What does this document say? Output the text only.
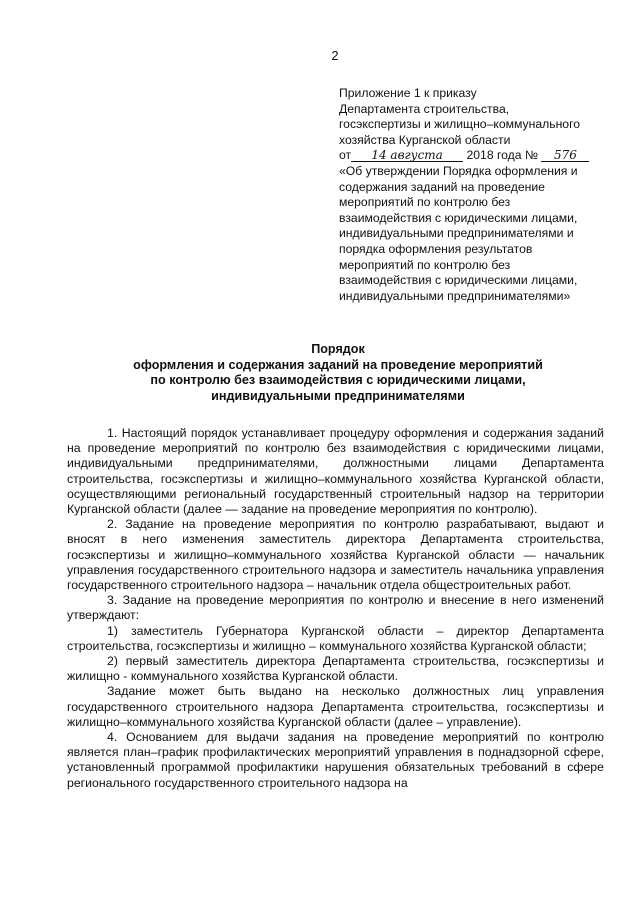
2
Приложение 1 к приказу
Департамента строительства,
госэкспертизы и жилищно–коммунального
хозяйства Курганской области
от 14 августа 2018 года № 576
«Об утверждении Порядка оформления и
содержания заданий на проведение
мероприятий по контролю без
взаимодействия с юридическими лицами,
индивидуальными предпринимателями и
порядка оформления результатов
мероприятий по контролю без
взаимодействия с юридическими лицами,
индивидуальными предпринимателями»
Порядок
оформления и содержания заданий на проведение мероприятий
по контролю без взаимодействия с юридическими лицами,
индивидуальными предпринимателями

1. Настоящий порядок устанавливает процедуру оформления и содержания заданий на проведение мероприятий по контролю без взаимодействия с юридическими лицами, индивидуальными предпринимателями, должностными лицами Департамента строительства, госэкспертизы и жилищно–коммунального хозяйства Курганской области, осуществляющими региональный государственный строительный надзор на территории Курганской области (далее — задание на проведение мероприятия по контролю).

2. Задание на проведение мероприятия по контролю разрабатывают, выдают и вносят в него изменения заместитель директора Департамента строительства, госэкспертизы и жилищно–коммунального хозяйства Курганской области — начальник управления государственного строительного надзора и заместитель начальника управления государственного строительного надзора – начальник отдела общестроительных работ.

3. Задание на проведение мероприятия по контролю и внесение в него изменений утверждают:

1) заместитель Губернатора Курганской области – директор Департамента строительства, госэкспертизы и жилищно – коммунального хозяйства Курганской области;

2) первый заместитель директора Департамента строительства, госэкспертизы и жилищно - коммунального хозяйства Курганской области.

Задание может быть выдано на несколько должностных лиц управления государственного строительного надзора Департамента строительства, госэкспертизы и жилищно–коммунального хозяйства Курганской области (далее – управление).

4. Основанием для выдачи задания на проведение мероприятий по контролю является план–график профилактических мероприятий управления в поднадзорной сфере, установленный программой профилактики нарушения обязательных требований в сфере регионального государственного строительного надзора на
